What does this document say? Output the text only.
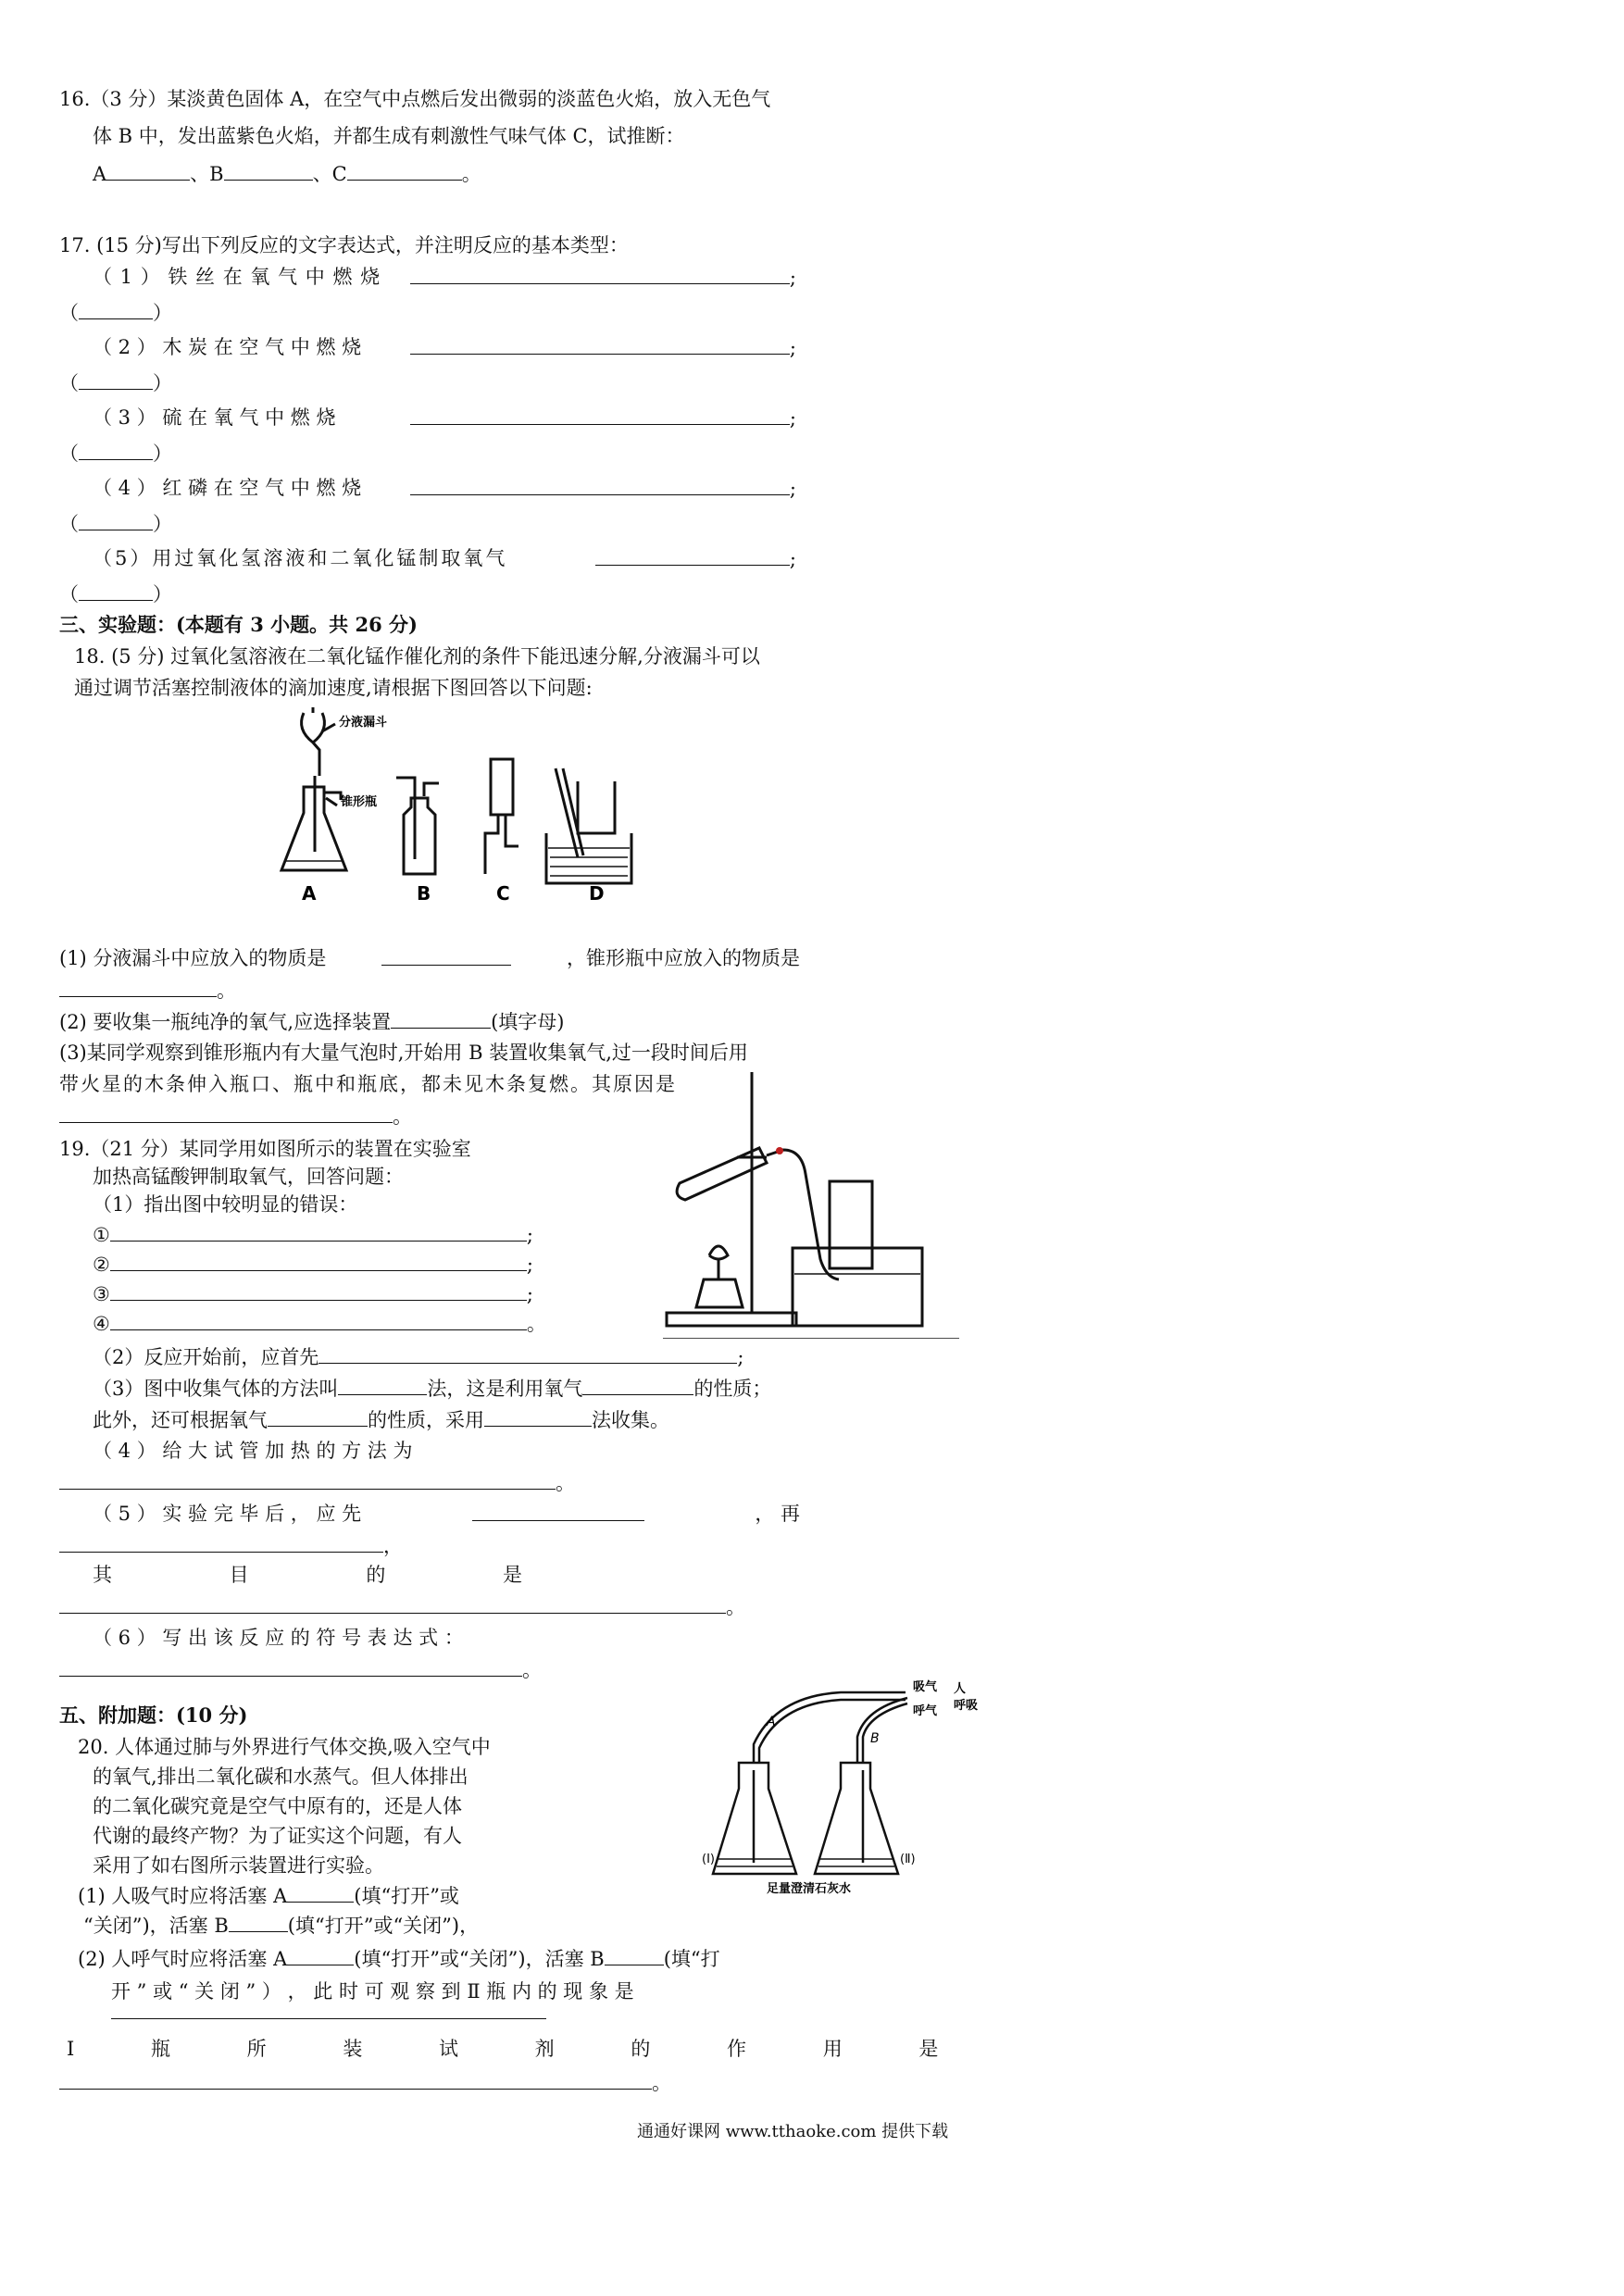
16.（3 分）某淡黄色固体 A，在空气中点燃后发出微弱的淡蓝色火焰，放入无色气
体 B 中，发出蓝紫色火焰，并都生成有刺激性气味气体 C，试推断：
A	、B	、C	。
17. (15 分)写出下列反应的文字表达式，并注明反应的基本类型：
（ 1 ） 铁 丝 在 氧 气 中 燃 烧	;
（	）
（ 2 ） 木 炭 在 空 气 中 燃 烧	;
（	）
（ 3 ） 硫 在 氧 气 中 燃 烧	;
（	）
（ 4 ） 红 磷 在 空 气 中 燃 烧	;
（	）
（5）用过氧化氢溶液和二氧化锰制取氧气	;
（	）
三、实验题：(本题有 3 小题。共 26 分)
18. (5 分) 过氧化氢溶液在二氧化锰作催化剂的条件下能迅速分解,分液漏斗可以
通过调节活塞控制液体的滴加速度,请根据下图回答以下问题:
分液漏斗
锥形瓶
A	B	C	D
(1) 分液漏斗中应放入的物质是	，锥形瓶中应放入的物质是
。
(2) 要收集一瓶纯净的氧气,应选择装置	(填字母)
(3)某同学观察到锥形瓶内有大量气泡时,开始用 B 装置收集氧气,过一段时间后用
带火星的木条伸入瓶口、瓶中和瓶底，都未见木条复燃。其原因是
。
19.（21 分）某同学用如图所示的装置在实验室
加热高锰酸钾制取氧气，回答问题：
（1）指出图中较明显的错误：
①	;
②	;
③	;
④	。
（2）反应开始前，应首先	;
（3）图中收集气体的方法叫	法，这是利用氧气	的性质；
此外，还可根据氧气	的性质，采用	法收集。
（ 4 ） 给 大 试 管 加 热 的 方 法 为
。
（ 5 ） 实 验 完 毕 后 ， 应 先	， 再
，
其 目 的 是
。
（ 6 ） 写 出 该 反 应 的 符 号 表 达 式 ：
。
五、附加题：(10 分)
20. 人体通过肺与外界进行气体交换,吸入空气中
的氧气,排出二氧化碳和水蒸气。但人体排出
的二氧化碳究竟是空气中原有的，还是人体
代谢的最终产物？为了证实这个问题，有人
采用了如右图所示装置进行实验。
吸气
呼气
人
呼吸
A
B
(Ⅰ)	(Ⅱ)
足量澄清石灰水
(1) 人吸气时应将活塞 A	(填“打开”或
“关闭”)，活塞 B	(填“打开”或“关闭”)，
(2) 人呼气时应将活塞 A	(填“打开”或“关闭”)，活塞 B	(填“打
开 ” 或 “ 关 闭 ” ） ， 此 时 可 观 察 到 Ⅱ 瓶 内 的 现 象 是
Ⅰ 瓶 所 装 试 剂 的 作 用 是
。
通通好课网 www.tthaoke.com 提供下载
